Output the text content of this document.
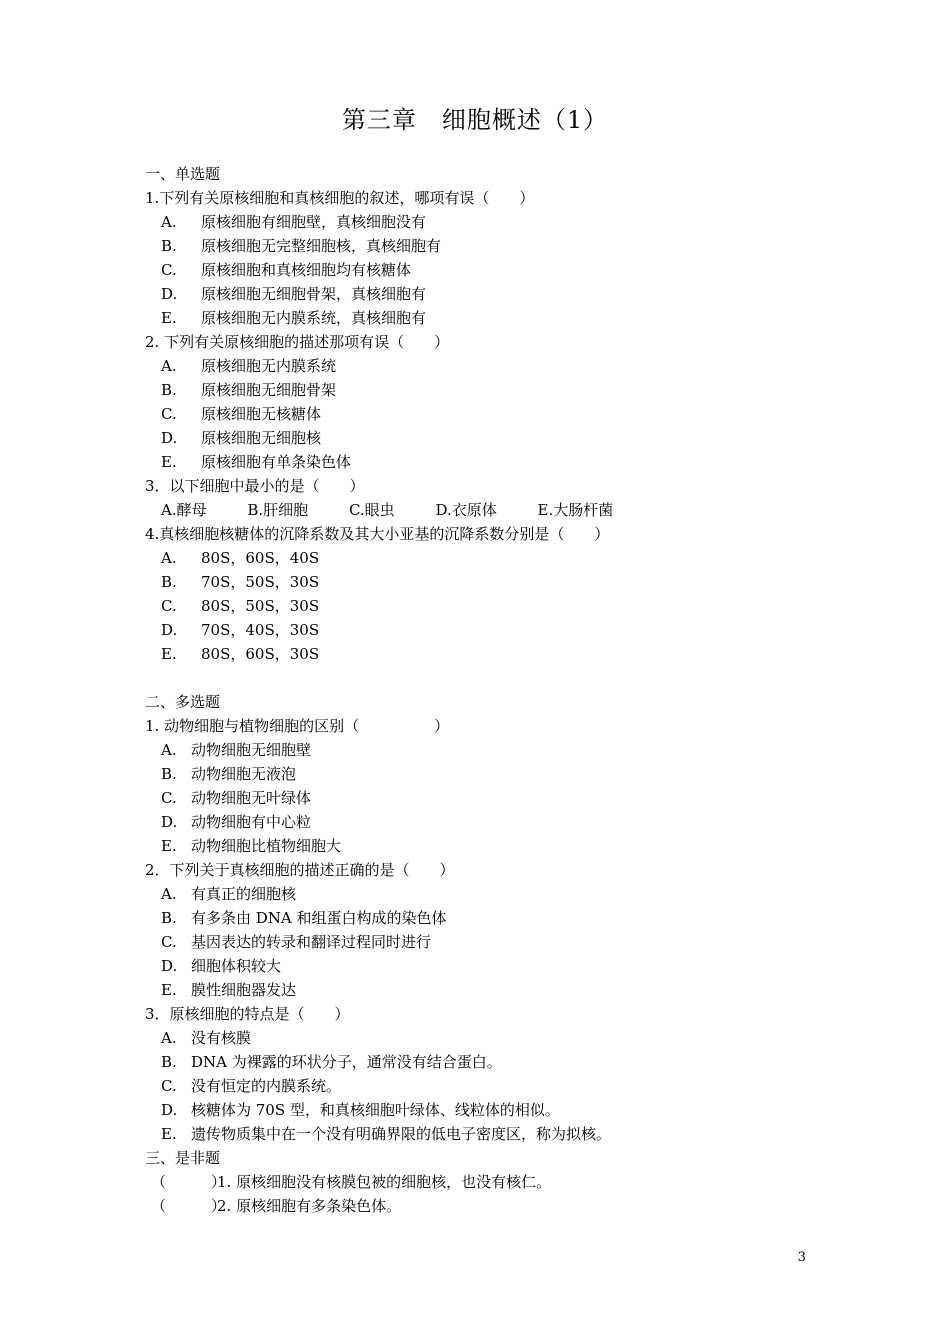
第三章　细胞概述（1）
一、单选题
1.下列有关原核细胞和真核细胞的叙述，哪项有误（　　）
A. 原核细胞有细胞壁，真核细胞没有
B. 原核细胞无完整细胞核，真核细胞有
C. 原核细胞和真核细胞均有核糖体
D. 原核细胞无细胞骨架，真核细胞有
E. 原核细胞无内膜系统，真核细胞有
2. 下列有关原核细胞的描述那项有误（　　）
A. 原核细胞无内膜系统
B. 原核细胞无细胞骨架
C. 原核细胞无核糖体
D. 原核细胞无细胞核
E. 原核细胞有单条染色体
3．以下细胞中最小的是（　　）
A.酵母	B.肝细胞	C.眼虫	D.衣原体	E.大肠杆菌
4.真核细胞核糖体的沉降系数及其大小亚基的沉降系数分别是（　　）
A. 80S，60S，40S
B. 70S，50S，30S
C. 80S，50S，30S
D. 70S，40S，30S
E. 80S，60S，30S
二、多选题
1. 动物细胞与植物细胞的区别（　　　　　）
A. 动物细胞无细胞壁
B. 动物细胞无液泡
C. 动物细胞无叶绿体
D. 动物细胞有中心粒
E. 动物细胞比植物细胞大
2．下列关于真核细胞的描述正确的是（　　）
A. 有真正的细胞核
B. 有多条由 DNA 和组蛋白构成的染色体
C. 基因表达的转录和翻译过程同时进行
D. 细胞体积较大
E. 膜性细胞器发达
3．原核细胞的特点是（　　）
A. 没有核膜
B. DNA 为裸露的环状分子，通常没有结合蛋白。
C. 没有恒定的内膜系统。
D. 核糖体为 70S 型，和真核细胞叶绿体、线粒体的相似。
E. 遗传物质集中在一个没有明确界限的低电子密度区，称为拟核。
三、是非题
（　　　）1. 原核细胞没有核膜包被的细胞核，也没有核仁。
（　　　）2. 原核细胞有多条染色体。
3
